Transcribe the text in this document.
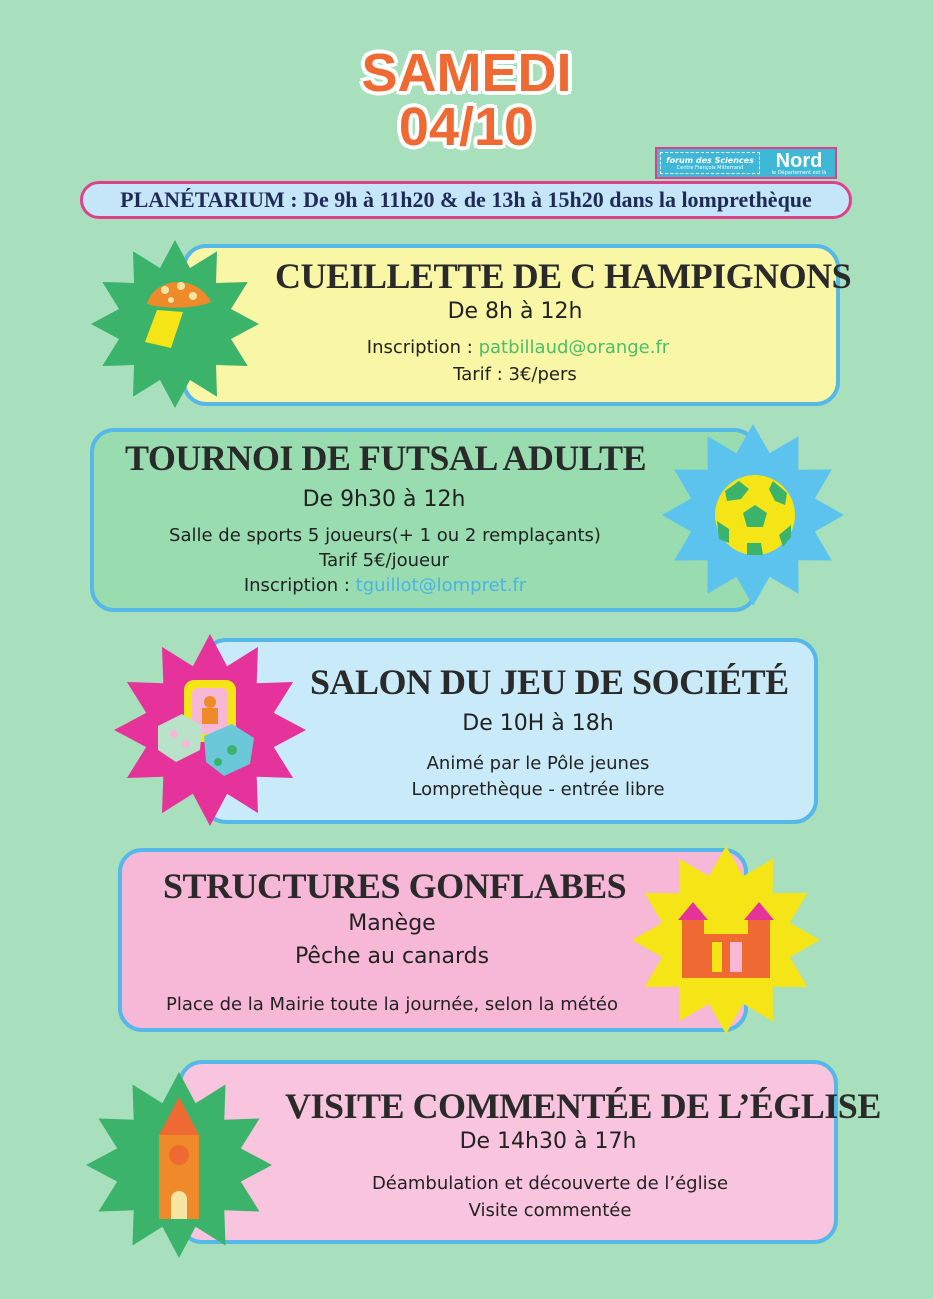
SAMEDI
04/10
forum des Sciences
Centre François Mitterrand Nord
le Département est là
PLANÉTARIUM : De 9h à 11h20 & de 13h à 15h20 dans la lomprethèque
CUEILLETTE DE C HAMPIGNONS
De 8h à 12h
Inscription : patbillaud@orange.fr
Tarif : 3€/pers
TOURNOI DE FUTSAL ADULTE
De 9h30 à 12h
Salle de sports 5 joueurs(+ 1 ou 2 remplaçants)
Tarif 5€/joueur
Inscription : tguillot@lompret.fr
SALON DU JEU DE SOCIÉTÉ
De 10H à 18h
Animé par le Pôle jeunes
Lomprethèque - entrée libre
STRUCTURES GONFLABES
Manège
Pêche au canards
Place de la Mairie toute la journée, selon la météo
VISITE COMMENTÉE DE L’ÉGLISE
De 14h30 à 17h
Déambulation et découverte de l’église
Visite commentée
